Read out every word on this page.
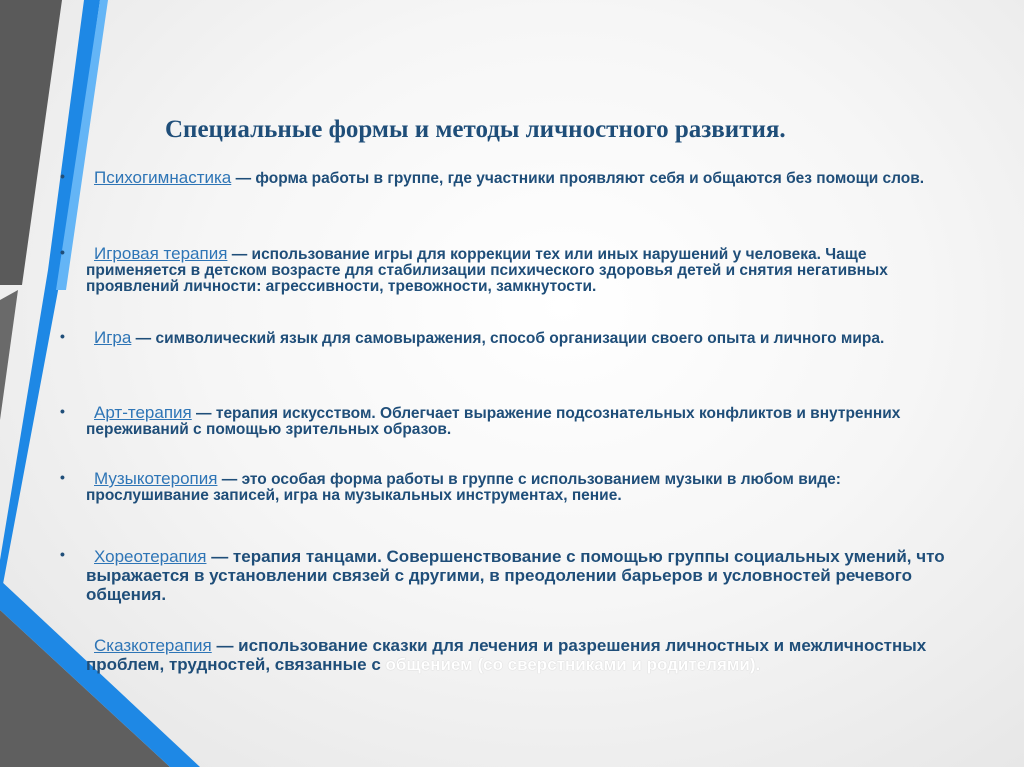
Специальные формы и методы личностного развития.
• Психогимнастика — форма работы в группе, где участники проявляют себя и общаются без помощи слов.
• Игровая терапия — использование игры для коррекции тех или иных нарушений у человека. Чаще применяется в детском возрасте для стабилизации психического здоровья детей и снятия негативных проявлений личности: агрессивности, тревожности, замкнутости.
• Игра — символический язык для самовыражения, способ организации своего опыта и личного мира.
• Арт-терапия — терапия искусством. Облегчает выражение подсознательных конфликтов и внутренних переживаний с помощью зрительных образов.
• Музыкотеропия — это особая форма работы в группе с использованием музыки в любом виде: прослушивание записей, игра на музыкальных инструментах, пение.
• Хореотерапия — терапия танцами. Совершенствование с помощью группы социальных умений, что выражается в установлении связей с другими, в преодолении барьеров и условностей речевого общения.
Сказкотерапия — использование сказки для лечения и разрешения личностных и межличностных проблем, трудностей, связанные с общением (со сверстниками и родителями).
